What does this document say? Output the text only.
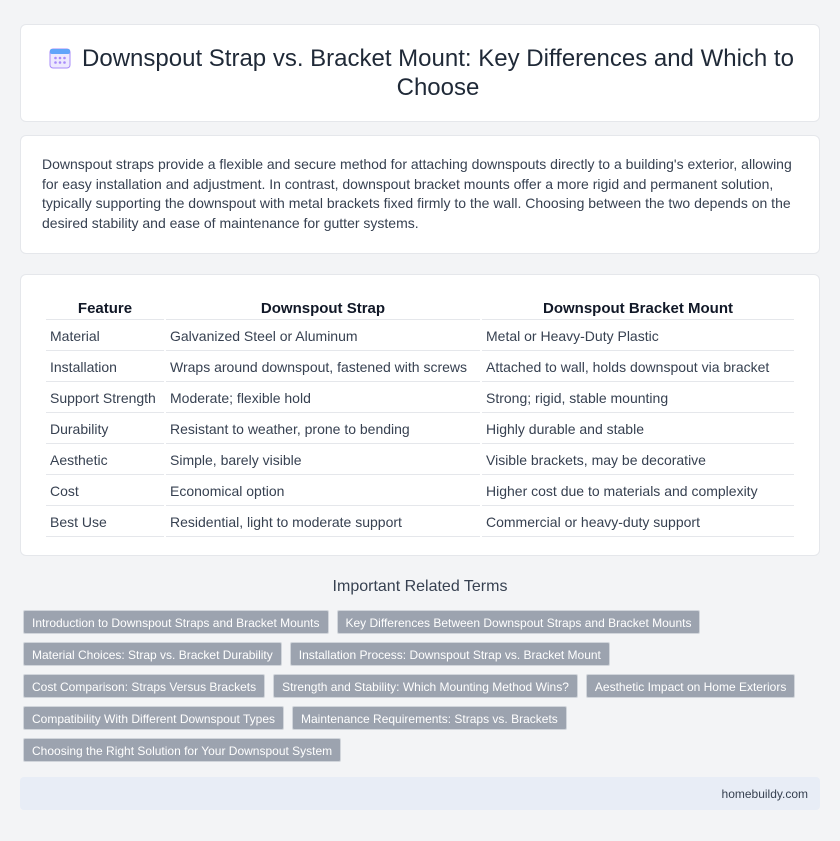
Downspout Strap vs. Bracket Mount: Key Differences and Which to Choose

Downspout straps provide a flexible and secure method for attaching downspouts directly to a building's exterior, allowing for easy installation and adjustment. In contrast, downspout bracket mounts offer a more rigid and permanent solution, typically supporting the downspout with metal brackets fixed firmly to the wall. Choosing between the two depends on the desired stability and ease of maintenance for gutter systems.

Feature	Downspout Strap	Downspout Bracket Mount
Material	Galvanized Steel or Aluminum	Metal or Heavy-Duty Plastic
Installation	Wraps around downspout, fastened with screws	Attached to wall, holds downspout via bracket
Support Strength	Moderate; flexible hold	Strong; rigid, stable mounting
Durability	Resistant to weather, prone to bending	Highly durable and stable
Aesthetic	Simple, barely visible	Visible brackets, may be decorative
Cost	Economical option	Higher cost due to materials and complexity
Best Use	Residential, light to moderate support	Commercial or heavy-duty support
Important Related Terms
Introduction to Downspout Straps and Bracket Mounts	Key Differences Between Downspout Straps and Bracket Mounts
Material Choices: Strap vs. Bracket Durability	Installation Process: Downspout Strap vs. Bracket Mount
Cost Comparison: Straps Versus Brackets	Strength and Stability: Which Mounting Method Wins?	Aesthetic Impact on Home Exteriors
Compatibility With Different Downspout Types	Maintenance Requirements: Straps vs. Brackets
Choosing the Right Solution for Your Downspout System
homebuildy.com
